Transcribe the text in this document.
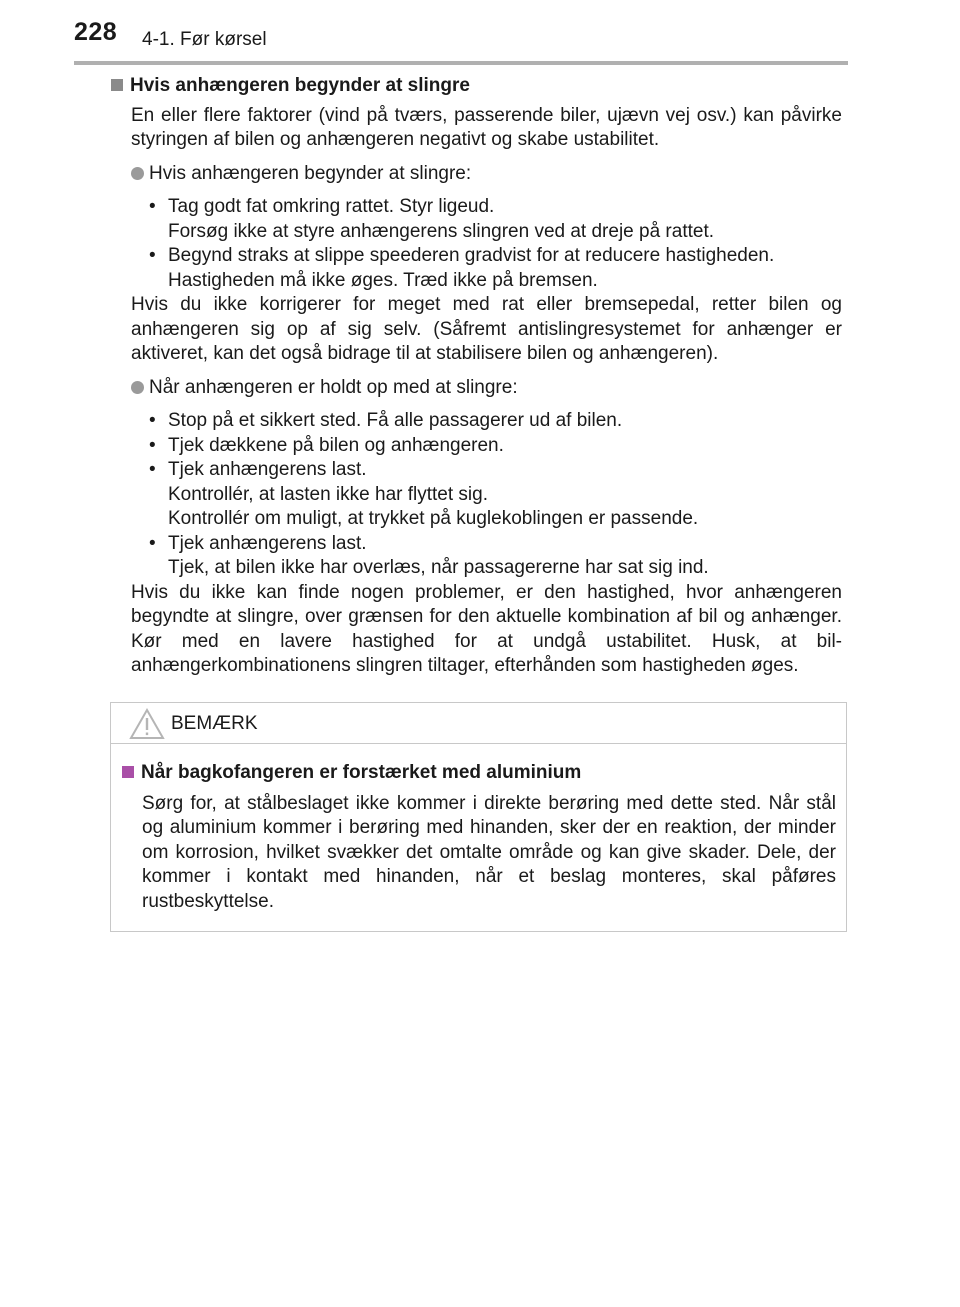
228 4-1. Før kørsel
Hvis anhængeren begynder at slingre
En eller flere faktorer (vind på tværs, passerende biler, ujævn vej osv.) kan påvirke styringen af bilen og anhængeren negativt og skabe ustabilitet.
Hvis anhængeren begynder at slingre:
• Tag godt fat omkring rattet. Styr ligeud.
Forsøg ikke at styre anhængerens slingren ved at dreje på rattet.
• Begynd straks at slippe speederen gradvist for at reducere hastigheden.
Hastigheden må ikke øges. Træd ikke på bremsen.
Hvis du ikke korrigerer for meget med rat eller bremsepedal, retter bilen og anhængeren sig op af sig selv. (Såfremt antislingresystemet for anhænger er aktiveret, kan det også bidrage til at stabilisere bilen og anhængeren).
Når anhængeren er holdt op med at slingre:
• Stop på et sikkert sted. Få alle passagerer ud af bilen.
• Tjek dækkene på bilen og anhængeren.
• Tjek anhængerens last.
Kontrollér, at lasten ikke har flyttet sig.
Kontrollér om muligt, at trykket på kuglekoblingen er passende.
• Tjek anhængerens last.
Tjek, at bilen ikke har overlæs, når passagererne har sat sig ind.
Hvis du ikke kan finde nogen problemer, er den hastighed, hvor anhængeren begyndte at slingre, over grænsen for den aktuelle kombination af bil og anhænger. Kør med en lavere hastighed for at undgå ustabilitet. Husk, at bil-anhængerkombinationens slingren tiltager, efterhånden som hastigheden øges.
BEMÆRK
Når bagkofangeren er forstærket med aluminium
Sørg for, at stålbeslaget ikke kommer i direkte berøring med dette sted. Når stål og aluminium kommer i berøring med hinanden, sker der en reaktion, der minder om korrosion, hvilket svækker det omtalte område og kan give skader. Dele, der kommer i kontakt med hinanden, når et beslag monteres, skal påføres rustbeskyttelse.
